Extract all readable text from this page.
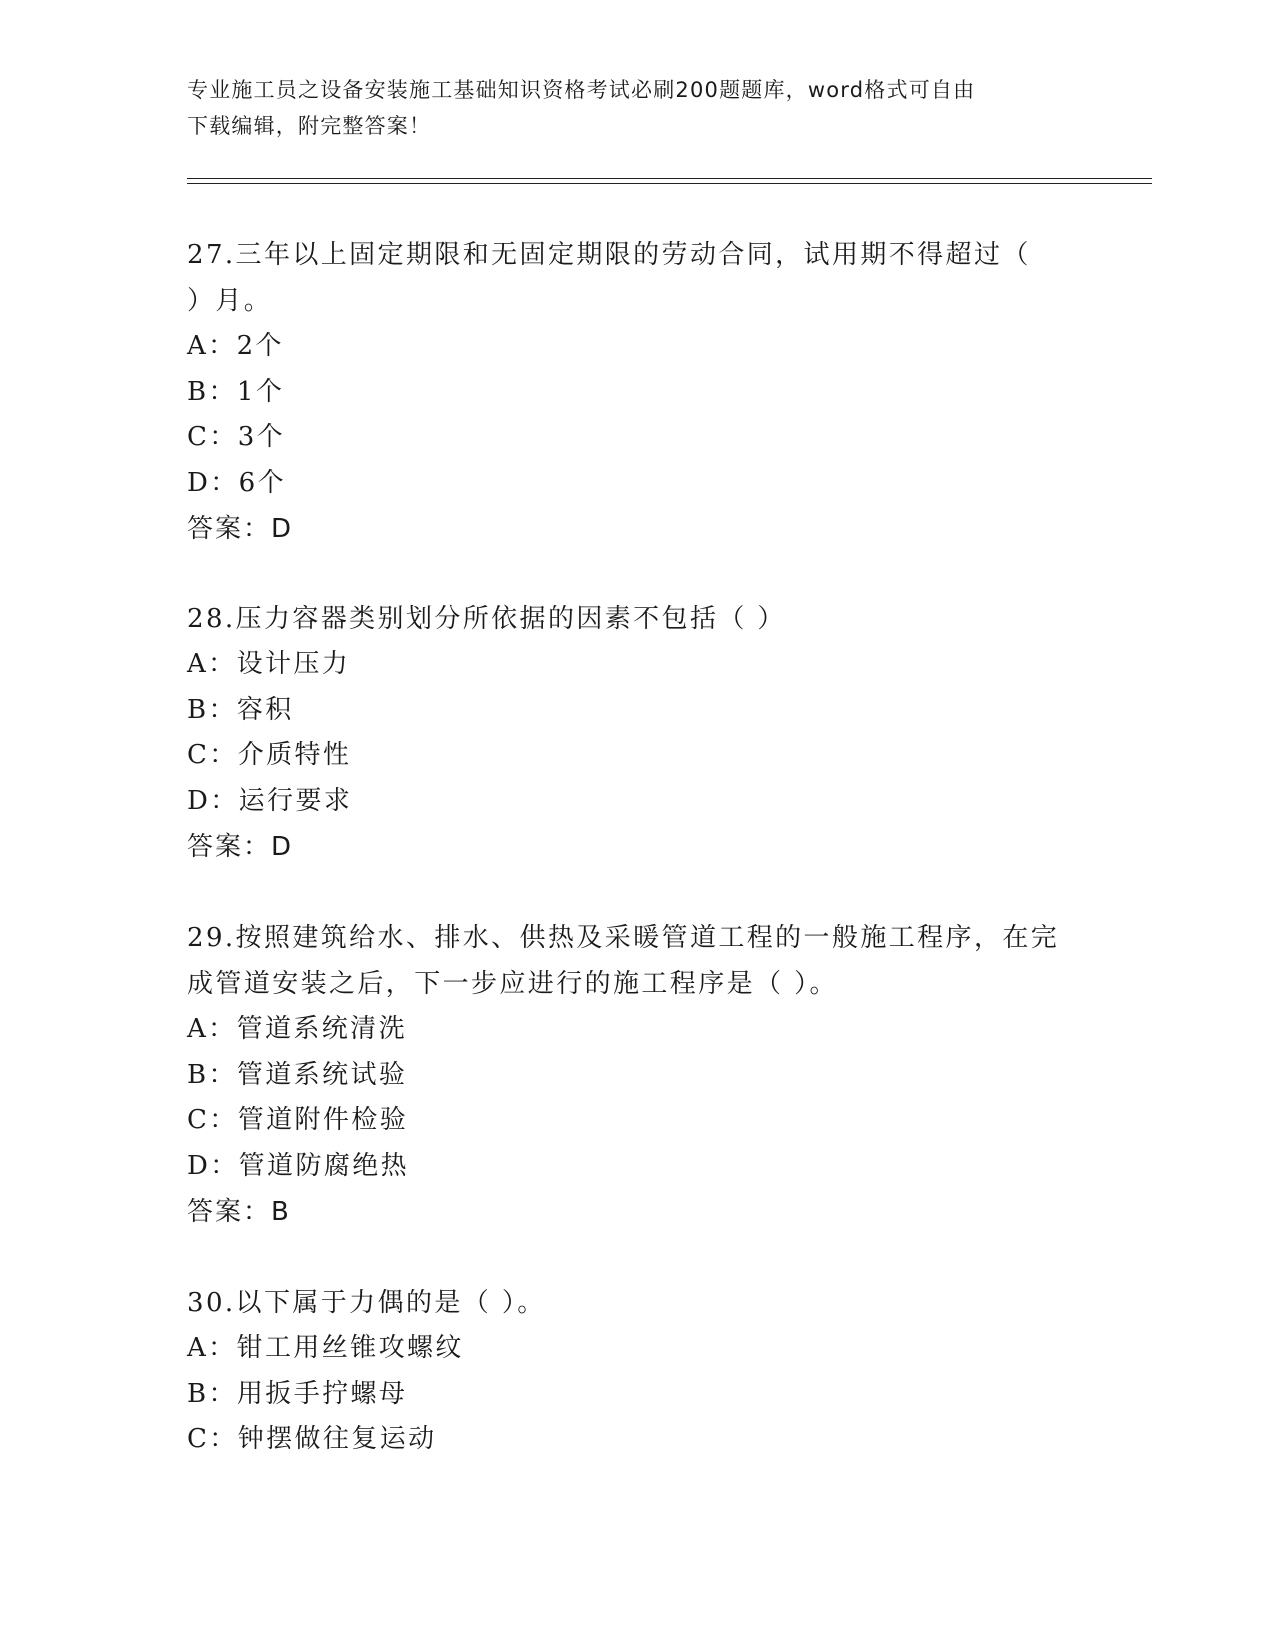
专业施工员之设备安装施工基础知识资格考试必刷200题题库，word格式可自由
下载编辑，附完整答案！
27.三年以上固定期限和无固定期限的劳动合同，试用期不得超过（
）月。
A：2个
B：1个
C：3个
D：6个
答案：D
28.压力容器类别划分所依据的因素不包括（ ）
A：设计压力
B：容积
C：介质特性
D：运行要求
答案：D
29.按照建筑给水、排水、供热及采暖管道工程的一般施工程序，在完
成管道安装之后，下一步应进行的施工程序是（ ）。
A：管道系统清洗
B：管道系统试验
C：管道附件检验
D：管道防腐绝热
答案：B
30.以下属于力偶的是（ ）。
A：钳工用丝锥攻螺纹
B：用扳手拧螺母
C：钟摆做往复运动
